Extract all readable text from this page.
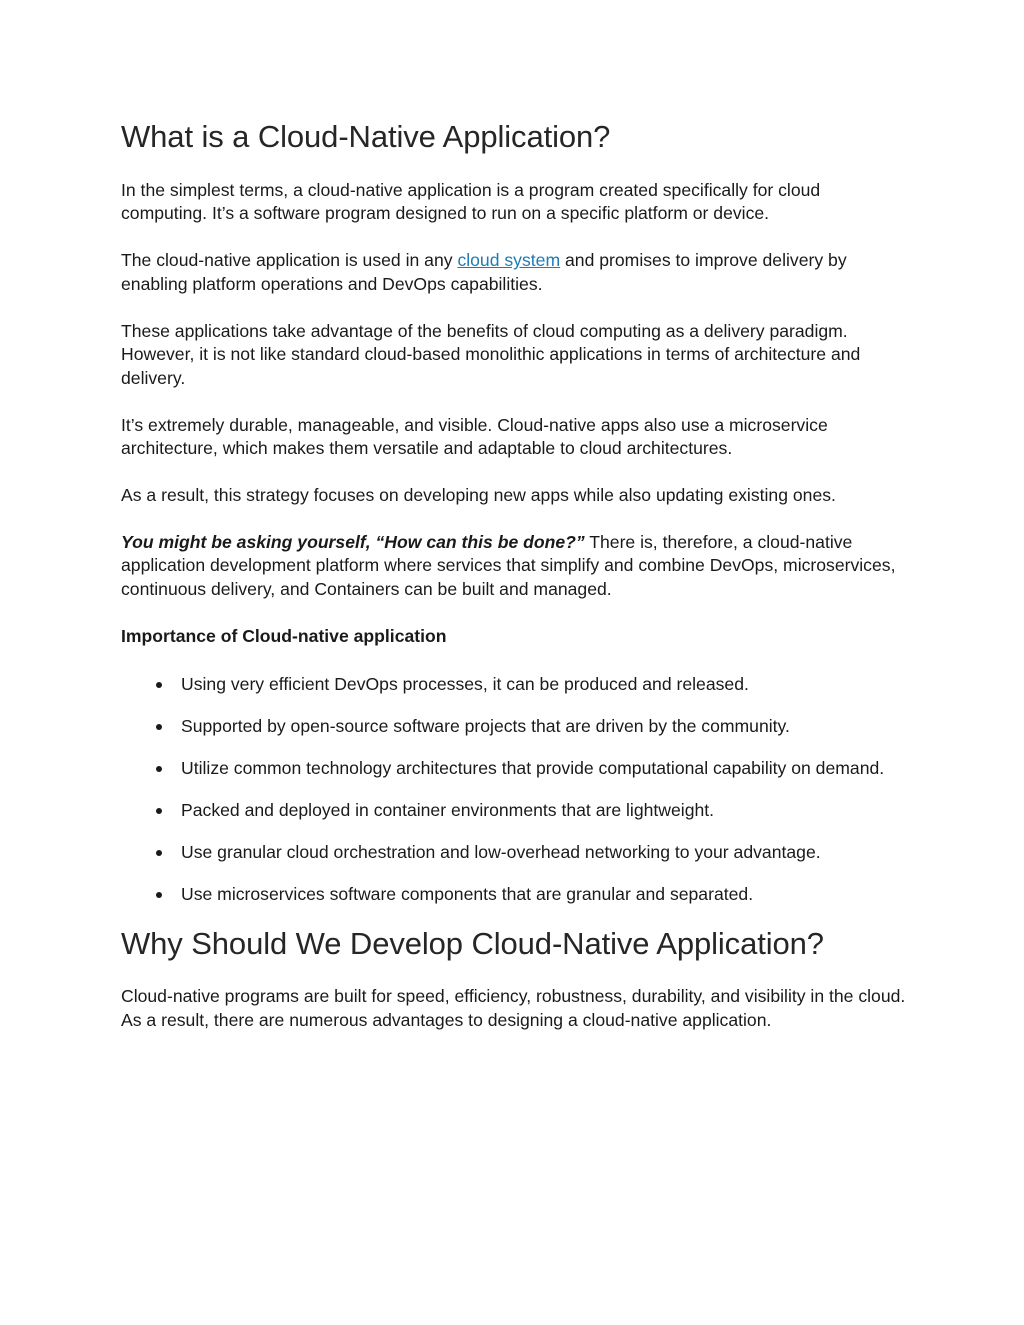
What is a Cloud-Native Application?

In the simplest terms, a cloud-native application is a program created specifically for cloud computing. It’s a software program designed to run on a specific platform or device.

The cloud-native application is used in any cloud system and promises to improve delivery by enabling platform operations and DevOps capabilities.

These applications take advantage of the benefits of cloud computing as a delivery paradigm. However, it is not like standard cloud-based monolithic applications in terms of architecture and delivery.

It’s extremely durable, manageable, and visible. Cloud-native apps also use a microservice architecture, which makes them versatile and adaptable to cloud architectures.

As a result, this strategy focuses on developing new apps while also updating existing ones.

You might be asking yourself, “How can this be done?” There is, therefore, a cloud-native application development platform where services that simplify and combine DevOps, microservices, continuous delivery, and Containers can be built and managed.

Importance of Cloud-native application
Using very efficient DevOps processes, it can be produced and released.
Supported by open-source software projects that are driven by the community.
Utilize common technology architectures that provide computational capability on demand.
Packed and deployed in container environments that are lightweight.
Use granular cloud orchestration and low-overhead networking to your advantage.
Use microservices software components that are granular and separated.
Why Should We Develop Cloud-Native Application?

Cloud-native programs are built for speed, efficiency, robustness, durability, and visibility in the cloud. As a result, there are numerous advantages to designing a cloud-native application.
